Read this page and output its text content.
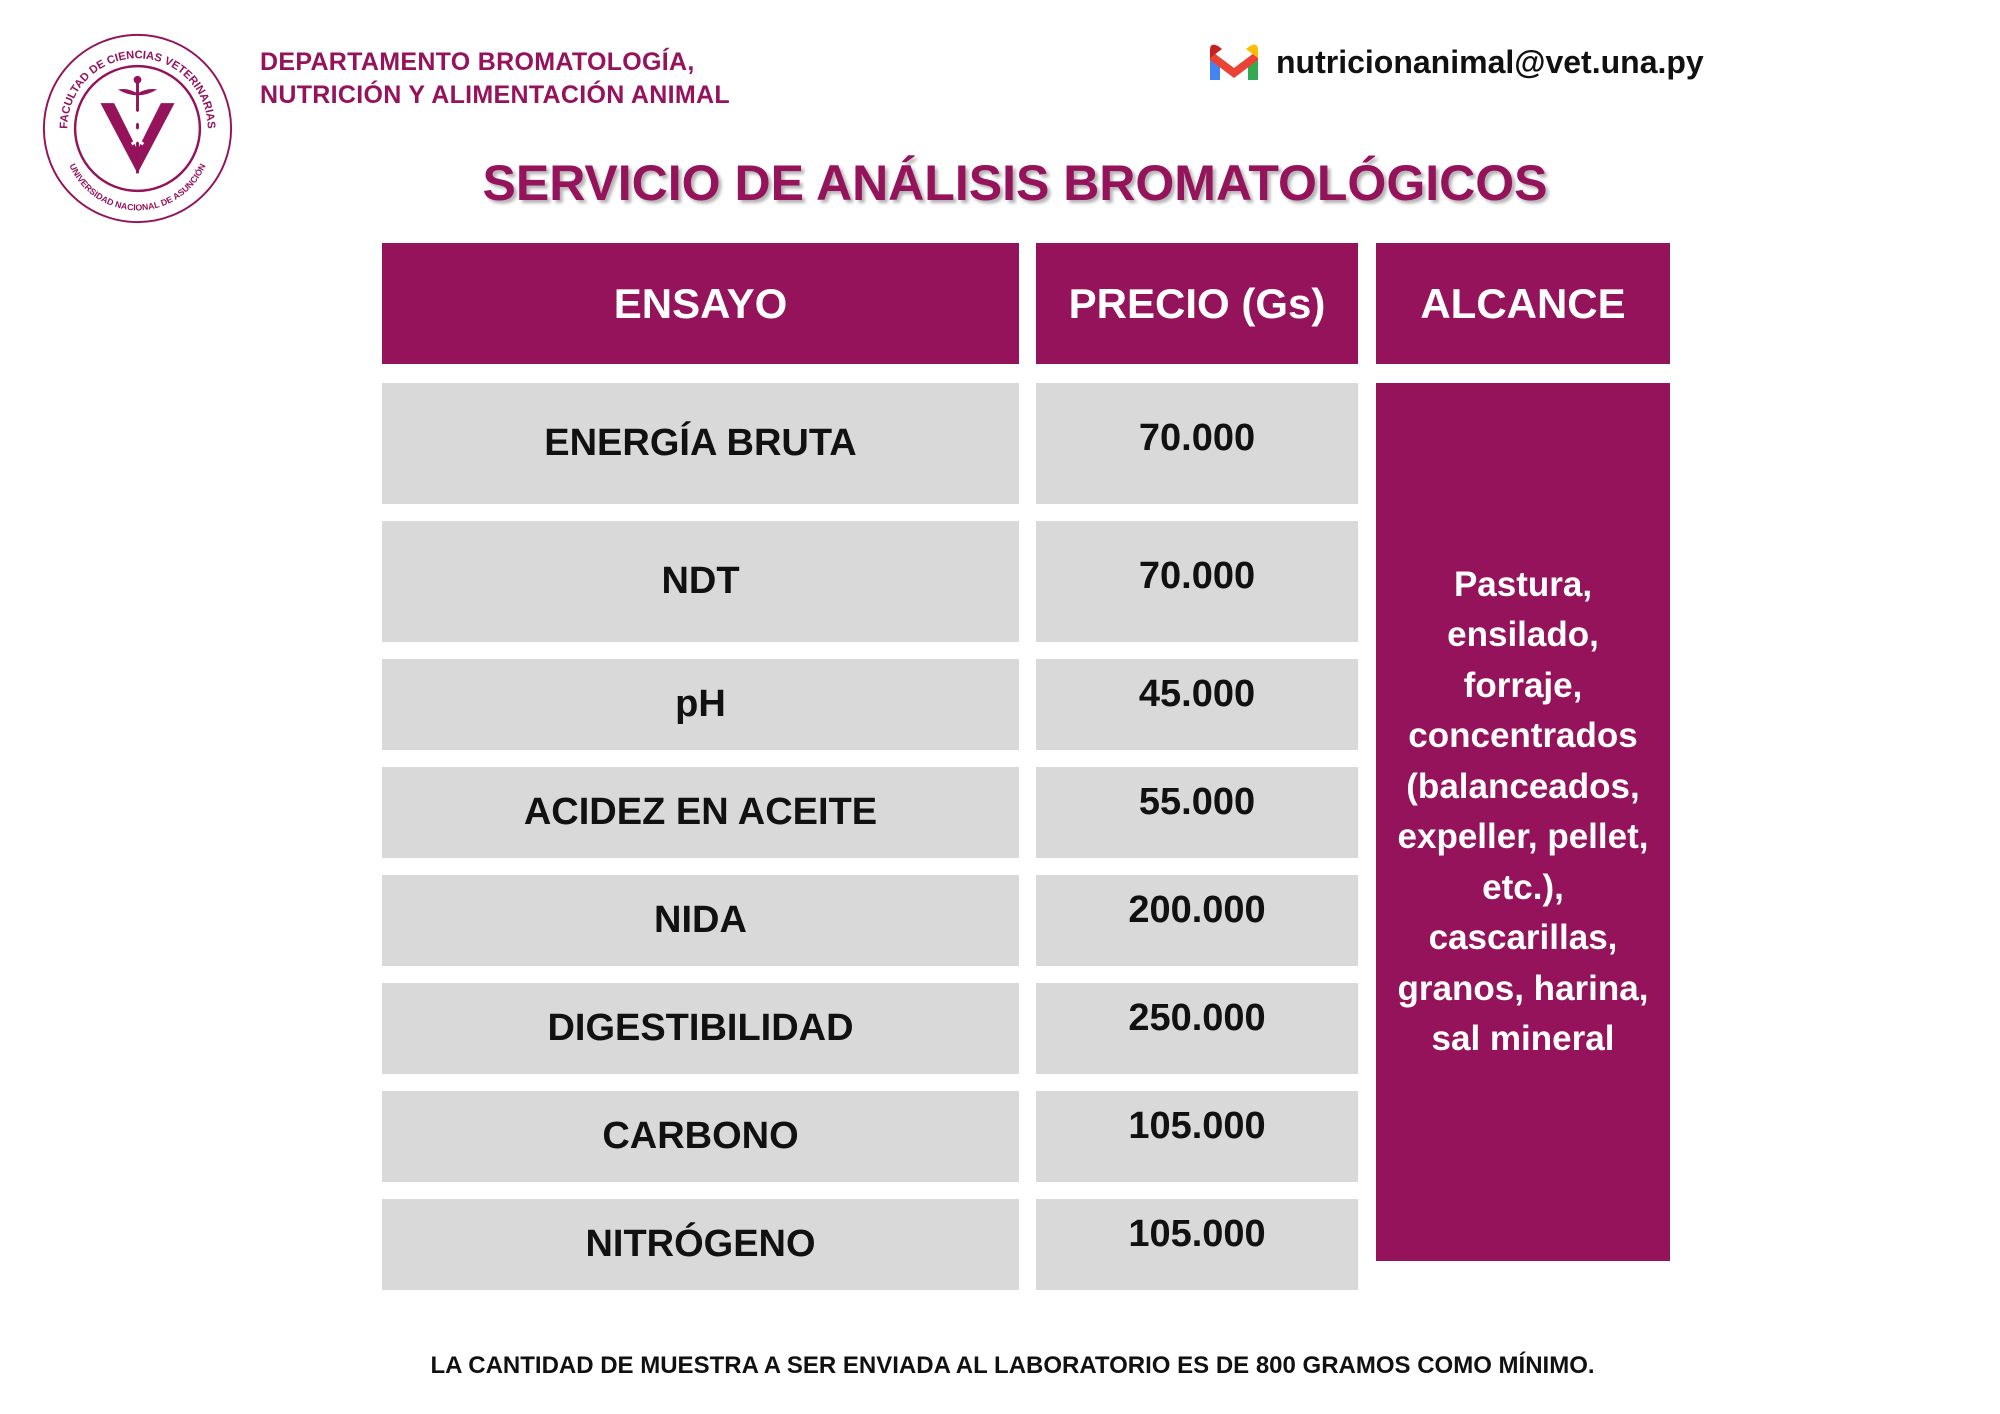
FACULTAD DE CIENCIAS VETERINARIAS
UNIVERSIDAD NACIONAL DE ASUNCIÓN
DEPARTAMENTO BROMATOLOGÍA,
NUTRICIÓN Y ALIMENTACIÓN ANIMAL
nutricionanimal@vet.una.py
SERVICIO DE ANÁLISIS BROMATOLÓGICOS
ENSAYO	PRECIO (Gs)	ALCANCE
ENERGÍA BRUTA	70.000
NDT	70.000
pH	45.000
ACIDEZ EN ACEITE	55.000
NIDA	200.000
DIGESTIBILIDAD	250.000
CARBONO	105.000
NITRÓGENO	105.000
Pastura,
ensilado,
forraje,
concentrados
(balanceados,
expeller, pellet,
etc.),
cascarillas,
granos, harina,
sal mineral
LA CANTIDAD DE MUESTRA A SER ENVIADA AL LABORATORIO ES DE 800 GRAMOS COMO MÍNIMO.
